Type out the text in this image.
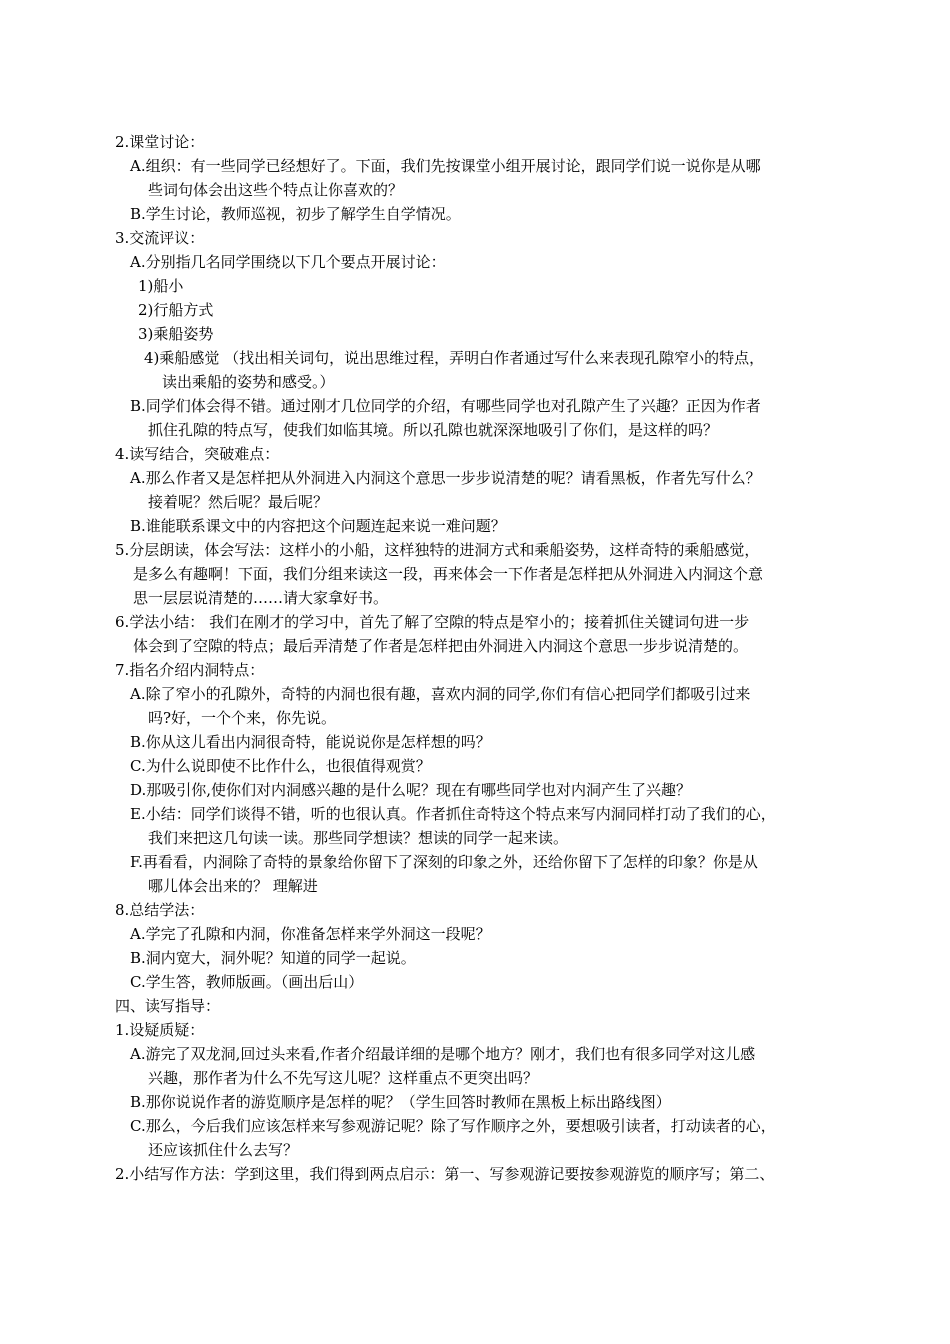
2.课堂讨论：
A.组织：有一些同学已经想好了。下面，我们先按课堂小组开展讨论，跟同学们说一说你是从哪
些词句体会出这些个特点让你喜欢的？
B.学生讨论，教师巡视，初步了解学生自学情况。
3.交流评议：
A.分别指几名同学围绕以下几个要点开展讨论：
1)船小
2)行船方式
3)乘船姿势
4)乘船感觉 （找出相关词句，说出思维过程，弄明白作者通过写什么来表现孔隙窄小的特点，
读出乘船的姿势和感受。）
B.同学们体会得不错。通过刚才几位同学的介绍，有哪些同学也对孔隙产生了兴趣？正因为作者
抓住孔隙的特点写，使我们如临其境。所以孔隙也就深深地吸引了你们，是这样的吗？
4.读写结合，突破难点：
A.那么作者又是怎样把从外洞进入内洞这个意思一步步说清楚的呢？请看黑板，作者先写什么？
接着呢？然后呢？最后呢？
B.谁能联系课文中的内容把这个问题连起来说一难问题？
5.分层朗读，体会写法：这样小的小船，这样独特的进洞方式和乘船姿势，这样奇特的乘船感觉，
是多么有趣啊！下面，我们分组来读这一段，再来体会一下作者是怎样把从外洞进入内洞这个意
思一层层说清楚的……请大家拿好书。
6.学法小结： 我们在刚才的学习中，首先了解了空隙的特点是窄小的；接着抓住关键词句进一步
体会到了空隙的特点；最后弄清楚了作者是怎样把由外洞进入内洞这个意思一步步说清楚的。
7.指名介绍内洞特点：
A.除了窄小的孔隙外，奇特的内洞也很有趣，喜欢内洞的同学,你们有信心把同学们都吸引过来
吗?好，一个个来，你先说。
B.你从这儿看出内洞很奇特，能说说你是怎样想的吗？
C.为什么说即使不比作什么，也很值得观赏？
D.那吸引你,使你们对内洞感兴趣的是什么呢？现在有哪些同学也对内洞产生了兴趣？
E.小结：同学们谈得不错，听的也很认真。作者抓住奇特这个特点来写内洞同样打动了我们的心，
我们来把这几句读一读。那些同学想读？想读的同学一起来读。
F.再看看，内洞除了奇特的景象给你留下了深刻的印象之外，还给你留下了怎样的印象？你是从
哪儿体会出来的？ 理解进
8.总结学法：
A.学完了孔隙和内洞，你准备怎样来学外洞这一段呢？
B.洞内宽大，洞外呢？知道的同学一起说。
C.学生答，教师版画。（画出后山）
四、读写指导：
1.设疑质疑：
A.游完了双龙洞,回过头来看,作者介绍最详细的是哪个地方？刚才，我们也有很多同学对这儿感
兴趣，那作者为什么不先写这儿呢？这样重点不更突出吗？
B.那你说说作者的游览顺序是怎样的呢？（学生回答时教师在黑板上标出路线图）
C.那么，今后我们应该怎样来写参观游记呢？除了写作顺序之外，要想吸引读者，打动读者的心，
还应该抓住什么去写？
2.小结写作方法：学到这里，我们得到两点启示：第一、写参观游记要按参观游览的顺序写；第二、
